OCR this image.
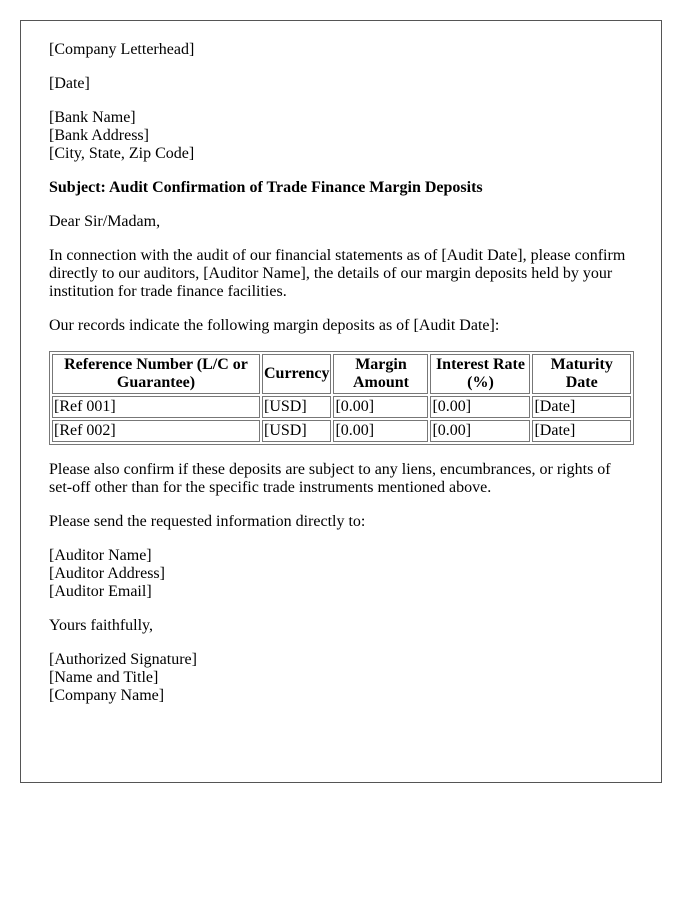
[Company Letterhead]

[Date]

[Bank Name]
[Bank Address]
[City, State, Zip Code]

Subject: Audit Confirmation of Trade Finance Margin Deposits

Dear Sir/Madam,

In connection with the audit of our financial statements as of [Audit Date], please confirm directly to our auditors, [Auditor Name], the details of our margin deposits held by your institution for trade finance facilities.

Our records indicate the following margin deposits as of [Audit Date]:

Reference Number (L/C or Guarantee)	Currency	Margin Amount	Interest Rate (%)	Maturity Date
[Ref 001]	[USD]	[0.00]	[0.00]	[Date]
[Ref 002]	[USD]	[0.00]	[0.00]	[Date]

Please also confirm if these deposits are subject to any liens, encumbrances, or rights of set-off other than for the specific trade instruments mentioned above.

Please send the requested information directly to:

[Auditor Name]
[Auditor Address]
[Auditor Email]

Yours faithfully,

[Authorized Signature]
[Name and Title]
[Company Name]
